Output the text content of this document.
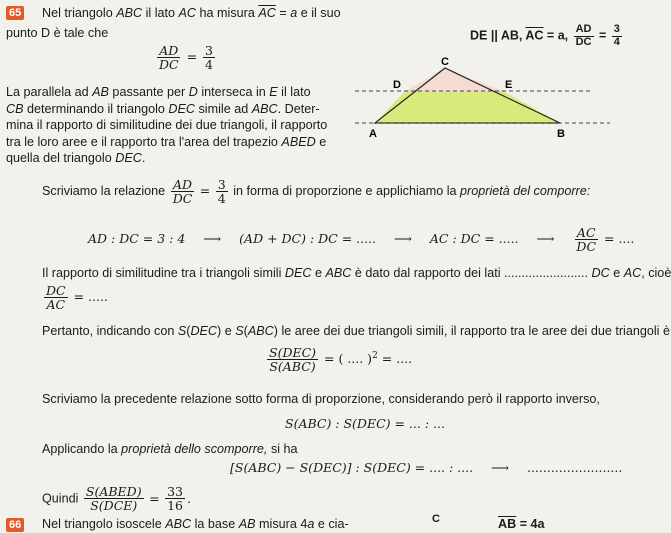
65 Nel triangolo ABC il lato AC ha misura $\overline{AC} = a$ e il suo
punto D è tale che	DE || AB, $\overline{AC} = a$, $\frac{AD}{DC} = \frac{3}{4}$
$\frac{AD}{DC} = \frac{3}{4}$
La parallela ad AB passante per D interseca in E il lato
CB determinando il triangolo DEC simile ad ABC. Deter-
mina il rapporto di similitudine dei due triangoli, il rapporto
tra le loro aree e il rapporto tra l'area del trapezio ABED e
quella del triangolo DEC.
C
D	E
A	B
Scriviamo la relazione $\frac{AD}{DC} = \frac{3}{4}$ in forma di proporzione e applichiamo la proprietà del comporre:
AD : DC = 3 : 4 ⟶ (AD + DC) : DC = ..... ⟶ AC : DC = ..... ⟶ $\frac{AC}{DC}$ = ....
Il rapporto di similitudine tra i triangoli simili DEC e ABC è dato dal rapporto dei lati ........................ DC e AC, cioè
$\frac{DC}{AC}$ = .....
Pertanto, indicando con S(DEC) e S(ABC) le aree dei due triangoli simili, il rapporto tra le aree dei due triangoli è
$\frac{\text{S(DEC)}}{\text{S(ABC)}}$ = ( .... )$^2$ = ....
Scriviamo la precedente relazione sotto forma di proporzione, considerando però il rapporto inverso,
S(ABC) : S(DEC) = ... : ...
Applicando la proprietà dello scomporre, si ha
[S(ABC) − S(DEC)] : S(DEC) = .... : .... ⟶ ........................
Quindi $\frac{\text{S(ABED)}}{\text{S(DCE)}} = \frac{33}{16}$ .
66 Nel triangolo isoscele ABC la base AB misura 4a e cia-	C	$\overline{AB} = 4a$
